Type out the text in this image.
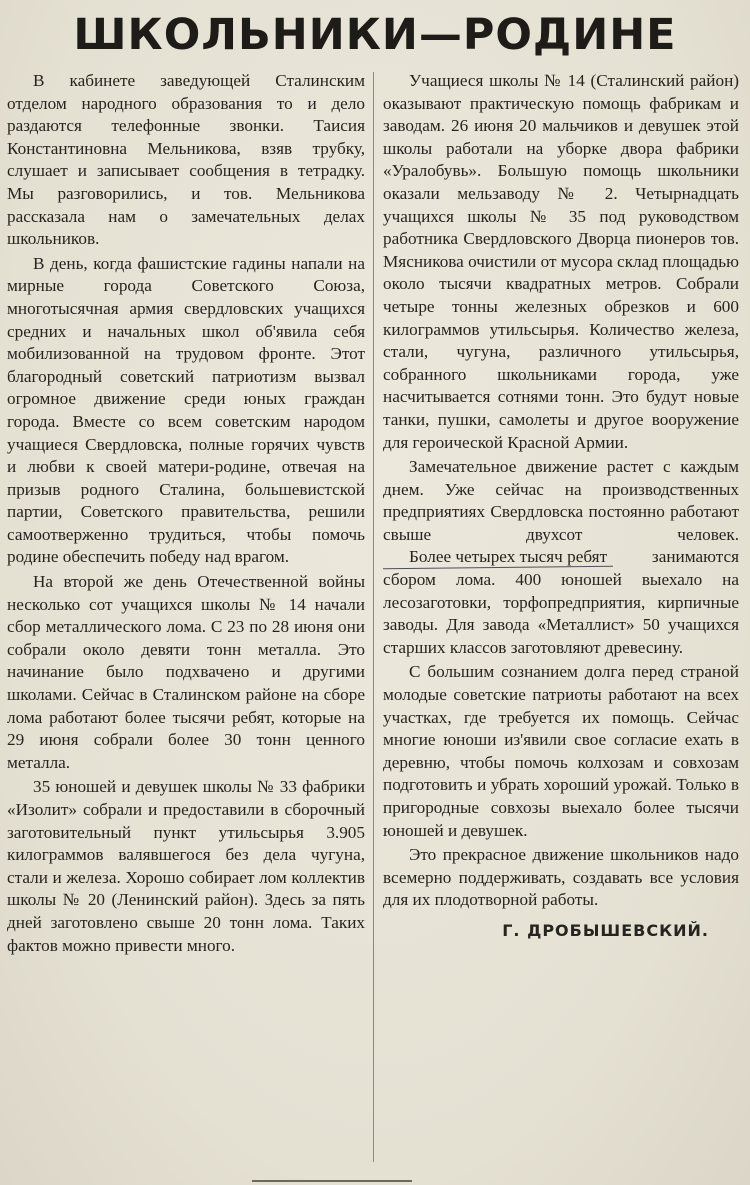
ШКОЛЬНИКИ—РОДИНЕ

В кабинете заведующей Сталинским отделом народного образования то и дело раздаются телефонные звонки. Таисия Константиновна Мельникова, взяв трубку, слушает и записывает сообщения в тетрадку. Мы разговорились, и тов. Мельникова рассказала нам о замечательных делах школьников.

В день, когда фашистские гадины напали на мирные города Советского Союза, многотысячная армия свердловских учащихся средних и начальных школ об'явила себя мобилизованной на трудовом фронте. Этот благородный советский патриотизм вызвал огромное движение среди юных граждан города. Вместе со всем советским народом учащиеся Свердловска, полные горячих чувств и любви к своей матери-родине, отвечая на призыв родного Сталина, большевистской партии, Советского правительства, решили самоотверженно трудиться, чтобы помочь родине обеспечить победу над врагом.

На второй же день Отечественной войны несколько сот учащихся школы № 14 начали сбор металлического лома. С 23 по 28 июня они собрали около девяти тонн металла. Это начинание было подхвачено и другими школами. Сейчас в Сталинском районе на сборе лома работают более тысячи ребят, которые на 29 июня собрали более 30 тонн ценного металла.

35 юношей и девушек школы № 33 фабрики «Изолит» собрали и предоставили в сборочный заготовительный пункт утильсырья 3.905 килограммов валявшегося без дела чугуна, стали и железа. Хорошо собирает лом коллектив школы № 20 (Ленинский район). Здесь за пять дней заготовлено свыше 20 тонн лома. Таких фактов можно привести много.

Учащиеся школы № 14 (Сталинский район) оказывают практическую помощь фабрикам и заводам. 26 июня 20 мальчиков и девушек этой школы работали на уборке двора фабрики «Уралобувь». Большую помощь школьники оказали мельзаводу № 2. Четырнадцать учащихся школы № 35 под руководством работника Свердловского Дворца пионеров тов. Мясникова очистили от мусора склад площадью около тысячи квадратных метров. Собрали четыре тонны железных обрезков и 600 килограммов утильсырья. Количество железа, стали, чугуна, различного утильсырья, собранного школьниками города, уже насчитывается сотнями тонн. Это будут новые танки, пушки, самолеты и другое вооружение для героической Красной Армии.

Замечательное движение растет с каждым днем. Уже сейчас на производственных предприятиях Свердловска постоянно работают свыше двухсот человек. Более четырех тысяч ребят	занимаются сбором лома. 400 юношей выехало на лесозаготовки, торфопредприятия, кирпичные заводы. Для завода «Металлист» 50 учащихся старших классов заготовляют древесину.

С большим сознанием долга перед страной молодые советские патриоты работают на всех участках, где требуется их помощь. Сейчас многие юноши из'явили свое согласие ехать в деревню, чтобы помочь колхозам и совхозам подготовить и убрать хороший урожай. Только в пригородные совхозы выехало более тысячи юношей и девушек.

Это прекрасное движение школьников надо всемерно поддерживать, создавать все условия для их плодотворной работы.

Г. ДРОБЫШЕВСКИЙ.
